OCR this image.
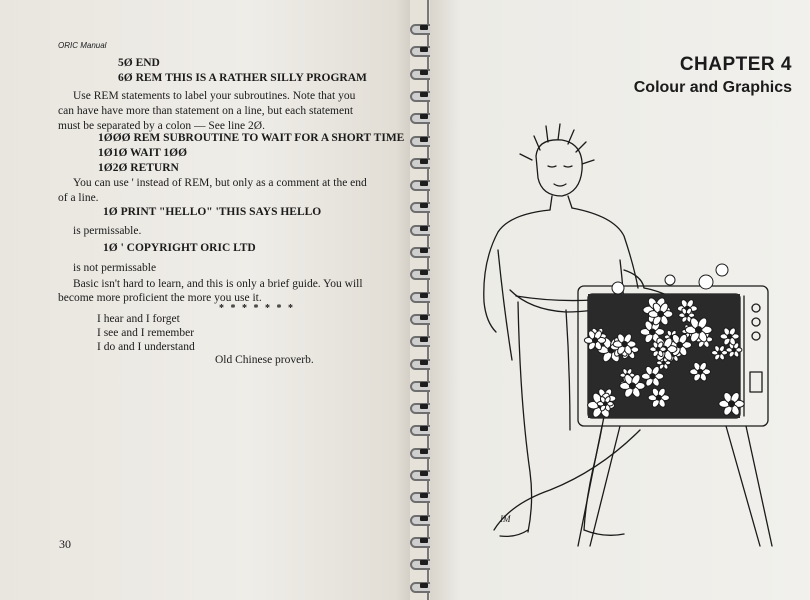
ORIC Manual
5Ø END
6Ø REM THIS IS A RATHER SILLY PROGRAM
Use REM statements to label your subroutines. Note that you
can have have more than statement on a line, but each statement
must be separated by a colon — See line 2Ø.
1ØØØ REM SUBROUTINE TO WAIT FOR A SHORT TIME
1Ø1Ø WAIT 1ØØ
1Ø2Ø RETURN
You can use ' instead of REM, but only as a comment at the end
of a line.
1Ø PRINT "HELLO" 'THIS SAYS HELLO
is permissable.
1Ø ' COPYRIGHT ORIC LTD
is not permissable
Basic isn't hard to learn, and this is only a brief guide. You will
become more proficient the more you use it.
* * * * * * *
I hear and I forget
I see and I remember
I do and I understand
Old Chinese proverb.
30
CHAPTER 4
Colour and Graphics
IM
